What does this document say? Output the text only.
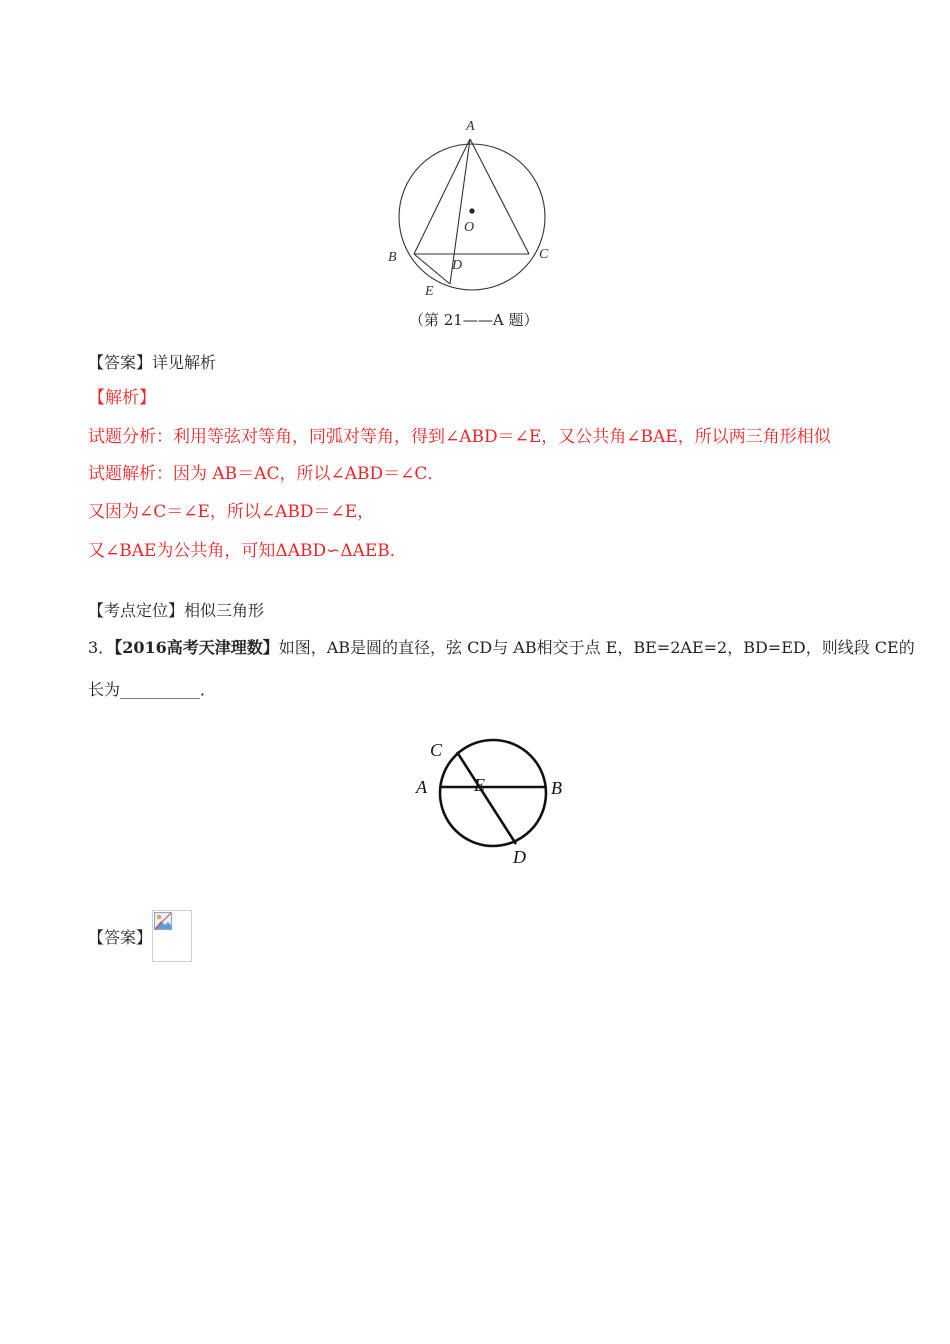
A
O
B	C
D
E
（第 21——A 题）
【答案】详见解析
【解析】
试题分析：利用等弦对等角，同弧对等角，得到∠ABD＝∠E，又公共角∠BAE，所以两三角形相似
试题解析：因为 AB＝AC，所以∠ABD＝∠C．
又因为∠C＝∠E，所以∠ABD＝∠E，
又∠BAE为公共角，可知ΔABD∽ΔAEB．
【考点定位】相似三角形
3．【2016高考天津理数】如图，AB是圆的直径，弦 CD与 AB相交于点 E，BE=2AE=2，BD=ED，则线段 CE的
长为__________．
C
A	E	B
D
【答案】
